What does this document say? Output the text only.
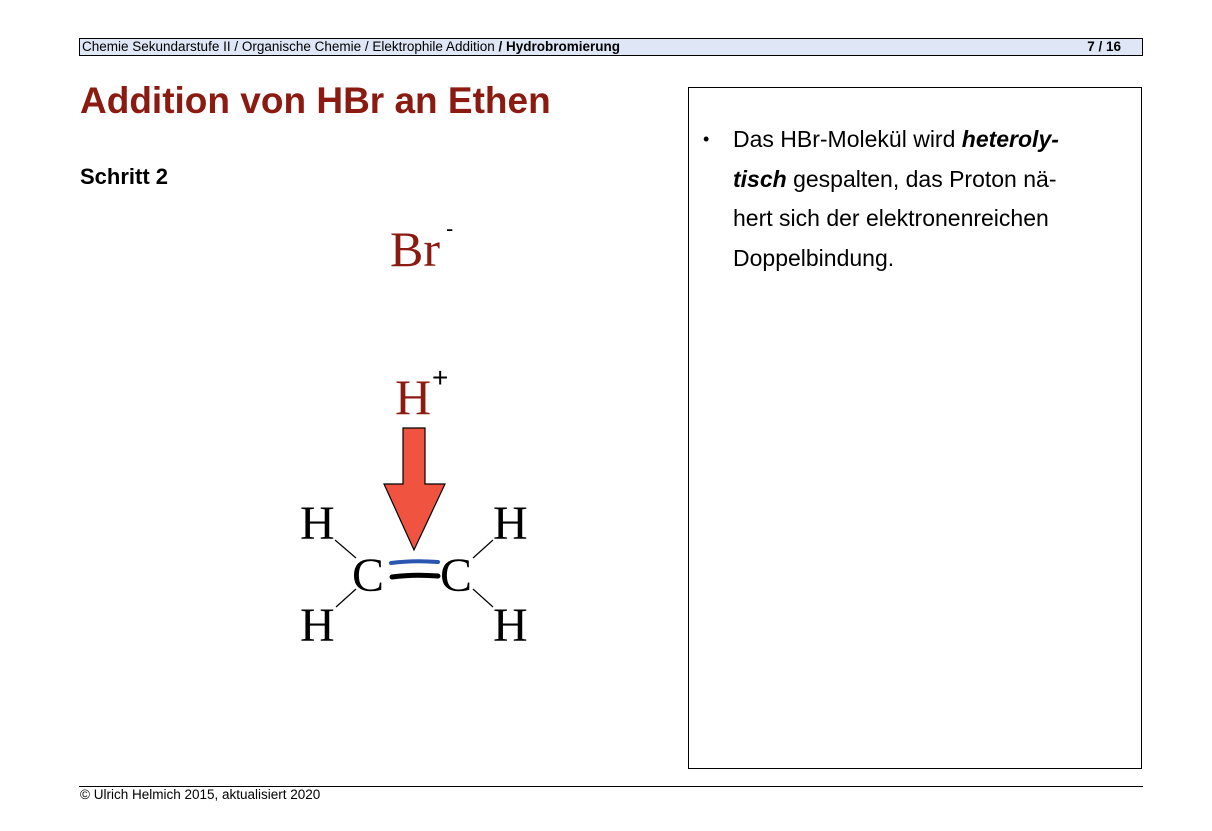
Chemie Sekundarstufe II / Organische Chemie / Elektrophile Addition / Hydrobromierung	7 / 16
Addition von HBr an Ethen
Schritt 2
Br -
H +
H
H
C C
H
H
• Das HBr-Molekül wird heteroly-
tisch gespalten, das Proton nä-
hert sich der elektronenreichen
Doppelbindung.
© Ulrich Helmich 2015, aktualisiert 2020
